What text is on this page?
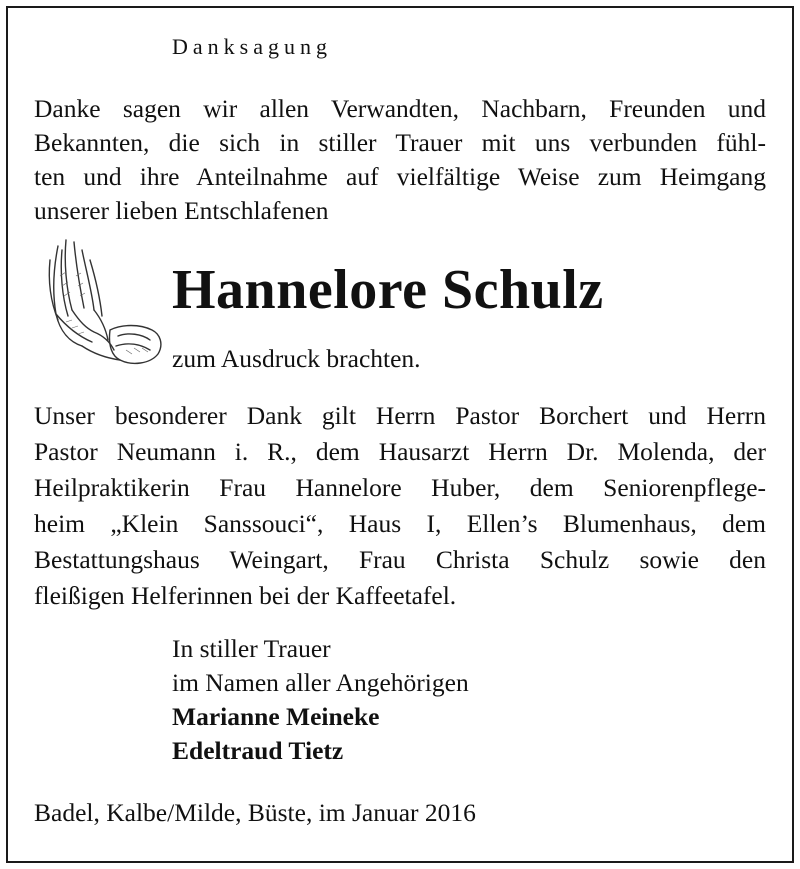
Danksagung
Danke sagen wir allen Verwandten, Nachbarn, Freunden und
Bekannten, die sich in stiller Trauer mit uns verbunden fühl-
ten und ihre Anteilnahme auf vielfältige Weise zum Heimgang
unserer lieben Entschlafenen
Hannelore Schulz
zum Ausdruck brachten.
Unser besonderer Dank gilt Herrn Pastor Borchert und Herrn
Pastor Neumann i. R., dem Hausarzt Herrn Dr. Molenda, der
Heilpraktikerin Frau Hannelore Huber, dem Seniorenpflege-
heim „Klein Sanssouci“, Haus I, Ellen’s Blumenhaus, dem
Bestattungshaus Weingart, Frau Christa Schulz sowie den
fleißigen Helferinnen bei der Kaffeetafel.
In stiller Trauer
im Namen aller Angehörigen
Marianne Meineke
Edeltraud Tietz
Badel, Kalbe/Milde, Büste, im Januar 2016
